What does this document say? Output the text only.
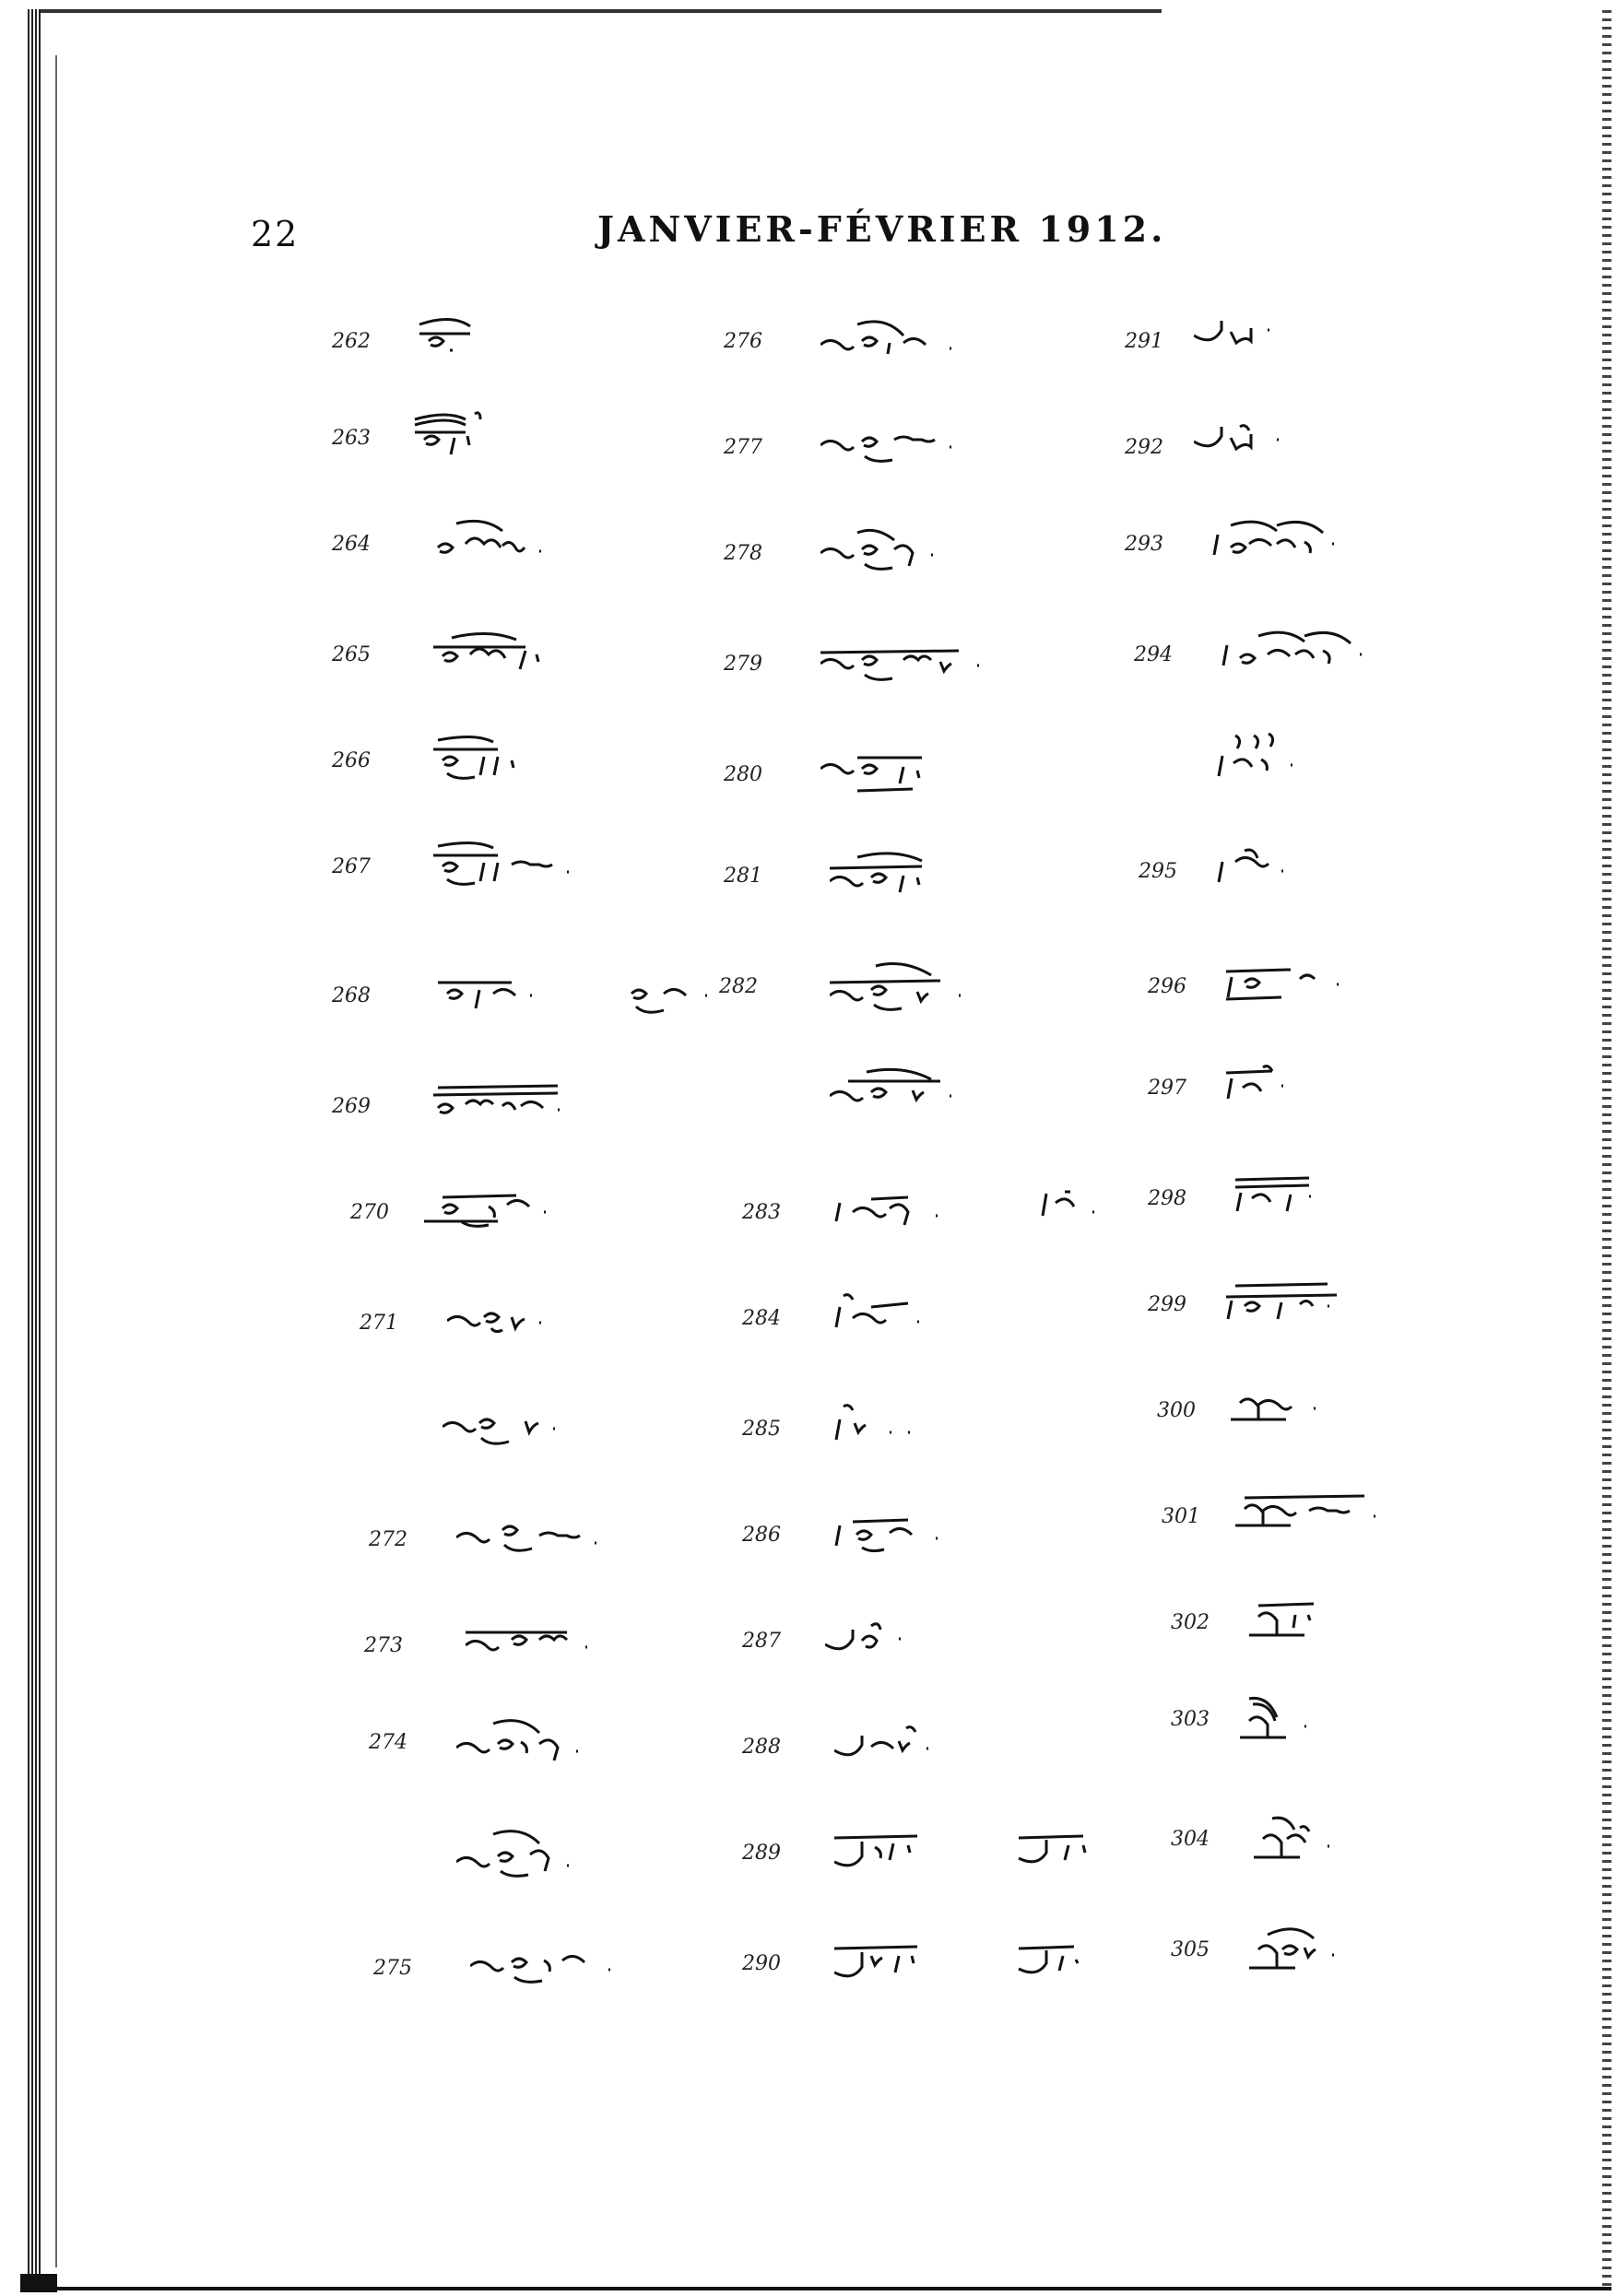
22	JANVIER-FÉVRIER 1912.
262
263
264
265
266
267
268
269
270
271
272
273
274
275
276
277
278
279
280
281
282
283
284
285
286
287
288
289
290
291
292
293
294
295
296
297
298
299
300
301
302
303
304
305
